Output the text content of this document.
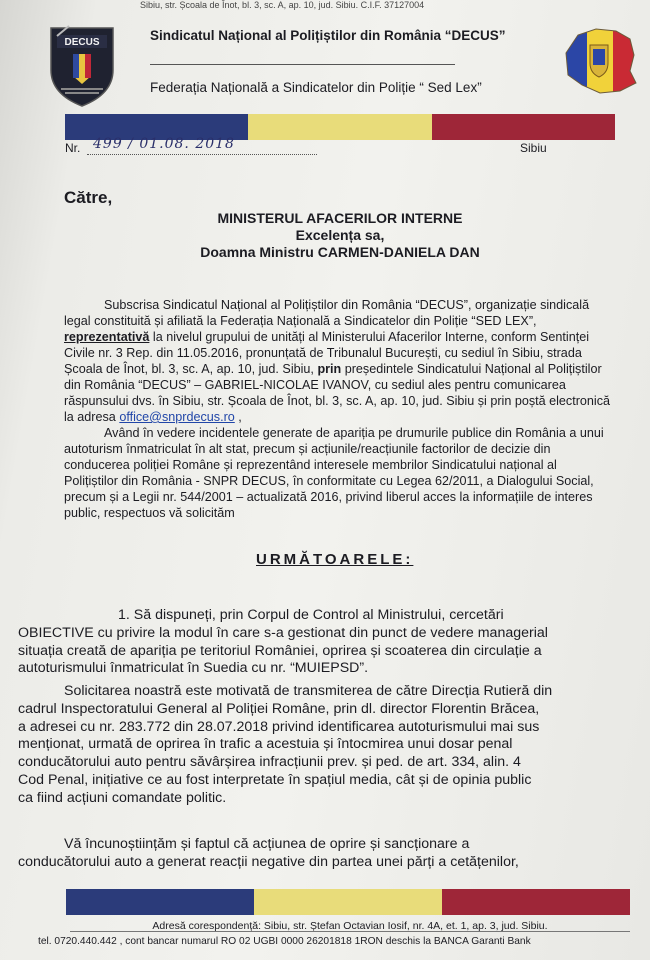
Sibiu, str. Școala de Înot, bl. 3, sc. A, ap. 10, jud. Sibiu. C.I.F. 37127004
DECUS	Sindicatul Național al Polițiștilor din România “DECUS”
Federația Națională a Sindicatelor din Poliție “ Sed Lex”
Nr. 499 / 01.08. 2018	Sibiu
Către,
MINISTERUL AFACERILOR INTERNE
Excelența sa,
Doamna Ministru CARMEN-DANIELA DAN
Subscrisa Sindicatul Național al Polițiștilor din România “DECUS”, organizație sindicală
legal constituită și afiliată la Federația Națională a Sindicatelor din Poliție “SED LEX”,
reprezentativă la nivelul grupului de unități al Ministerului Afacerilor Interne, conform Sentinței
Civile nr. 3 Rep. din 11.05.2016, pronunțată de Tribunalul București, cu sediul în Sibiu, strada
Școala de Înot, bl. 3, sc. A, ap. 10, jud. Sibiu, prin președintele Sindicatului Național al Polițiștilor
din România “DECUS” – GABRIEL-NICOLAE IVANOV, cu sediul ales pentru comunicarea
răspunsului dvs. în Sibiu, str. Școala de Înot, bl. 3, sc. A, ap. 10, jud. Sibiu și prin poștă electronică
la adresa office@snprdecus.ro ,
Având în vedere incidentele generate de apariția pe drumurile publice din România a unui
autoturism înmatriculat în alt stat, precum și acțiunile/reacțiunile factorilor de decizie din
conducerea poliției Române și reprezentând interesele membrilor Sindicatului național al
Polițiștilor din România - SNPR DECUS, în conformitate cu Legea 62/2011, a Dialogului Social,
precum și a Legii nr. 544/2001 – actualizată 2016, privind liberul acces la informațiile de interes
public, respectuos vă solicităm
URMĂTOARELE:
1. Să dispuneți, prin Corpul de Control al Ministrului, cercetări
OBIECTIVE cu privire la modul în care s-a gestionat din punct de vedere managerial
situația creată de apariția pe teritoriul României, oprirea și scoaterea din circulație a
autoturismului înmatriculat în Suedia cu nr. “MUIEPSD”.
Solicitarea noastră este motivată de transmiterea de către Direcția Rutieră din
cadrul Inspectoratului General al Poliției Române, prin dl. director Florentin Brăcea,
a adresei cu nr. 283.772 din 28.07.2018 privind identificarea autoturismului mai sus
menționat, urmată de oprirea în trafic a acestuia și întocmirea unui dosar penal
conducătorului auto pentru săvârșirea infracțiunii prev. și ped. de art. 334, alin. 4
Cod Penal, inițiative ce au fost interpretate în spațiul media, cât și de opinia public
ca fiind acțiuni comandate politic.
Vă încunoștiințăm și faptul că acțiunea de oprire și sancționare a
conducătorului auto a generat reacții negative din partea unei părți a cetățenilor,
Adresă corespondență: Sibiu, str. Ștefan Octavian Iosif, nr. 4A, et. 1, ap. 3, jud. Sibiu.
tel. 0720.440.442 , cont bancar numarul RO 02 UGBI 0000 26201818 1RON deschis la BANCA Garanti Bank
